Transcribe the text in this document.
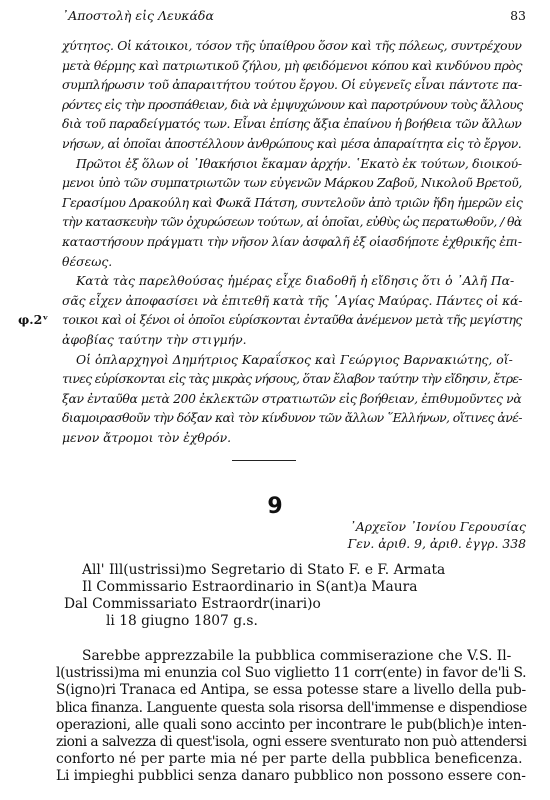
᾿Αποστολὴ εἰς Λευκάδα	83

χύτητος. Οἱ κάτοικοι, τόσον τῆς ὑπαίθρου ὅσον καὶ τῆς πόλεως, συντρέχουν
μετὰ θέρμης καὶ πατριωτικοῦ ζήλου, μὴ φειδόμενοι κόπου καὶ κινδύνου πρὸς
συμπλήρωσιν τοῦ ἀπαραιτήτου τούτου ἔργου. Οἱ εὐγενεῖς εἶναι πάντοτε πα-
ρόντες εἰς τὴν προσπάθειαν, διὰ νὰ ἐμψυχώνουν καὶ παροτρύνουν τοὺς ἄλλους
διὰ τοῦ παραδείγματός των. Εἶναι ἐπίσης ἄξια ἐπαίνου ἡ βοήθεια τῶν ἄλλων
νήσων, αἱ ὁποῖαι ἀποστέλλουν ἀνθρώπους καὶ μέσα ἀπαραίτητα εἰς τὸ ἔργον.

Πρῶτοι ἐξ ὅλων οἱ ᾿Ιθακήσιοι ἔκαμαν ἀρχήν. ῾Εκατὸ ἐκ τούτων, διοικού-
μενοι ὑπὸ τῶν συμπατριωτῶν των εὐγενῶν Μάρκου Ζαβοῦ, Νικολοῦ Βρετοῦ,
Γερασίμου Δρακούλη καὶ Φωκᾶ Πάτση, συντελοῦν ἀπὸ τριῶν ἤδη ἡμερῶν εἰς
τὴν κατασκευὴν τῶν ὀχυρώσεων τούτων, αἱ ὁποῖαι, εὐθὺς ὡς περατωθοῦν, / θὰ
καταστήσουν πράγματι τὴν νῆσον λίαν ἀσφαλῆ ἐξ οἱασδήποτε ἐχθρικῆς ἐπι-
θέσεως.

Κατὰ τὰς παρελθούσας ἡμέρας εἶχε διαδοθῆ ἡ εἴδησις ὅτι ὁ ᾿Αλῆ Πα-
σᾶς εἶχεν ἀποφασίσει νὰ ἐπιτεθῆ κατὰ τῆς ῾Αγίας Μαύρας. Πάντες οἱ κά-
τοικοι καὶ οἱ ξένοι οἱ ὁποῖοι εὑρίσκονται ἐνταῦθα ἀνέμενον μετὰ τῆς μεγίστης
ἀφοβίας ταύτην τὴν στιγμήν.

Οἱ ὁπλαρχηγοὶ Δημήτριος Καραΐσκος καὶ Γεώργιος Βαρνακιώτης, οἵ-
τινες εὑρίσκονται εἰς τὰς μικρὰς νήσους, ὅταν ἔλαβον ταύτην τὴν εἴδησιν, ἔτρε-
ξαν ἐνταῦθα μετὰ 200 ἐκλεκτῶν στρατιωτῶν εἰς βοήθειαν, ἐπιθυμοῦντες νὰ
διαμοιρασθοῦν τὴν δόξαν καὶ τὸν κίνδυνον τῶν ἄλλων ῞Ελλήνων, οἵτινες ἀνέ-
μενον ἄτρομοι τὸν ἐχθρόν.

φ.2ᵛ
9
᾿Αρχεῖον ᾿Ιονίου Γερουσίας
Γεν. ἀριθ. 9, ἀριθ. ἐγγρ. 338
All' Ill(ustrissi)mo Segretario di Stato F. e F. Armata
Il Commissario Estraordinario in S(ant)a Maura
Dal Commissariato Estraordr(inari)o
li 18 giugno 1807 g.s.
Sarebbe apprezzabile la pubblica commiserazione che V.S. Il-
l(ustrissi)ma mi enunzia col Suo viglietto 11 corr(ente) in favor de'li S.
S(igno)ri Tranaca ed Antipa, se essa potesse stare a livello della pub-
blica finanza. Languente questa sola risorsa dell'immense e dispendiose
operazioni, alle quali sono accinto per incontrare le pub(blich)e inten-
zioni a salvezza di quest'isola, ogni essere sventurato non può attendersi
conforto né per parte mia né per parte della pubblica beneficenza.
Li impieghi pubblici senza danaro pubblico non possono essere con-
